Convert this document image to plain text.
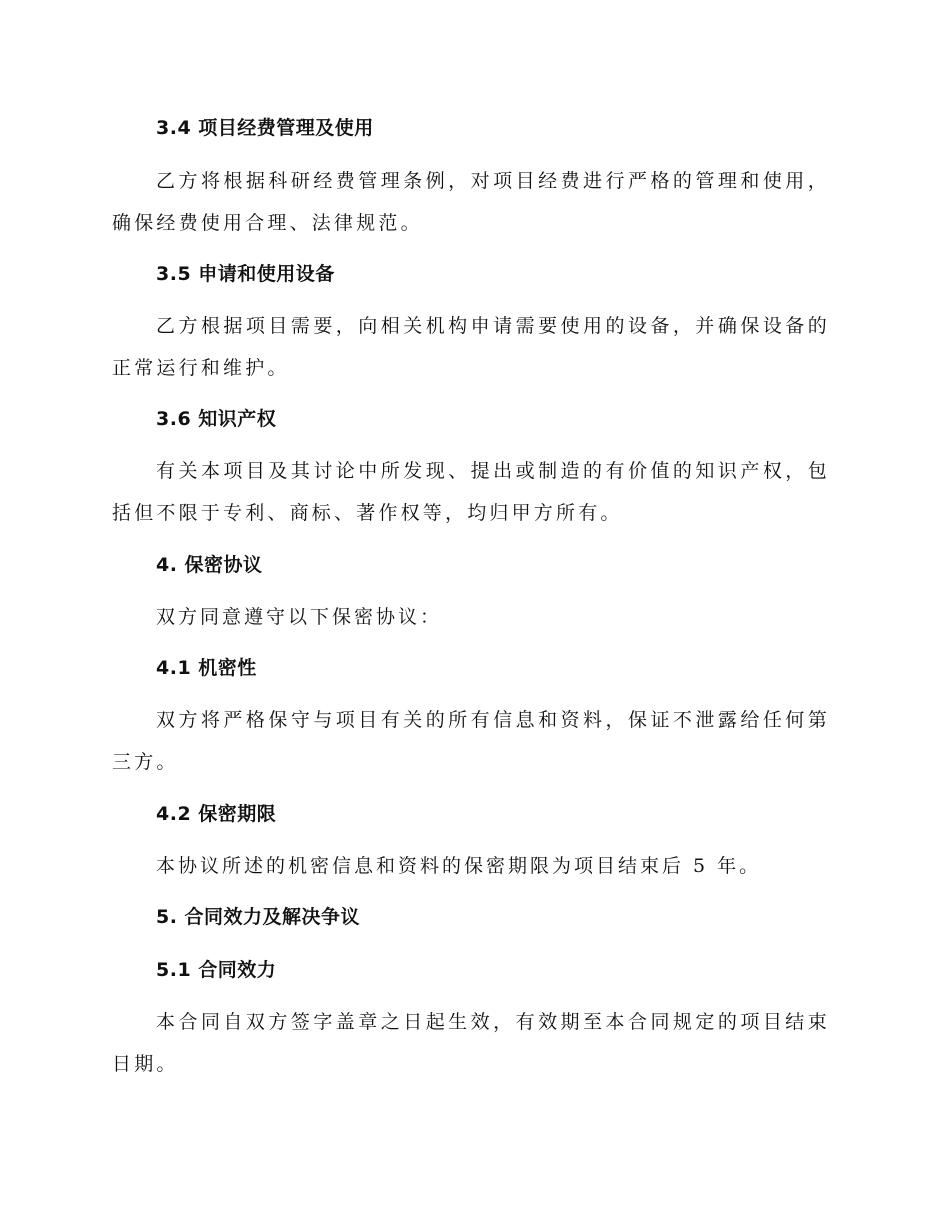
3.4 项目经费管理及使用

乙方将根据科研经费管理条例，对项目经费进行严格的管理和使用，确保经费使用合理、法律规范。

3.5 申请和使用设备

乙方根据项目需要，向相关机构申请需要使用的设备，并确保设备的正常运行和维护。

3.6 知识产权

有关本项目及其讨论中所发现、提出或制造的有价值的知识产权，包括但不限于专利、商标、著作权等，均归甲方所有。

4. 保密协议

双方同意遵守以下保密协议：

4.1 机密性

双方将严格保守与项目有关的所有信息和资料，保证不泄露给任何第三方。

4.2 保密期限

本协议所述的机密信息和资料的保密期限为项目结束后 5 年。

5. 合同效力及解决争议
5.1 合同效力

本合同自双方签字盖章之日起生效，有效期至本合同规定的项目结束日期。
